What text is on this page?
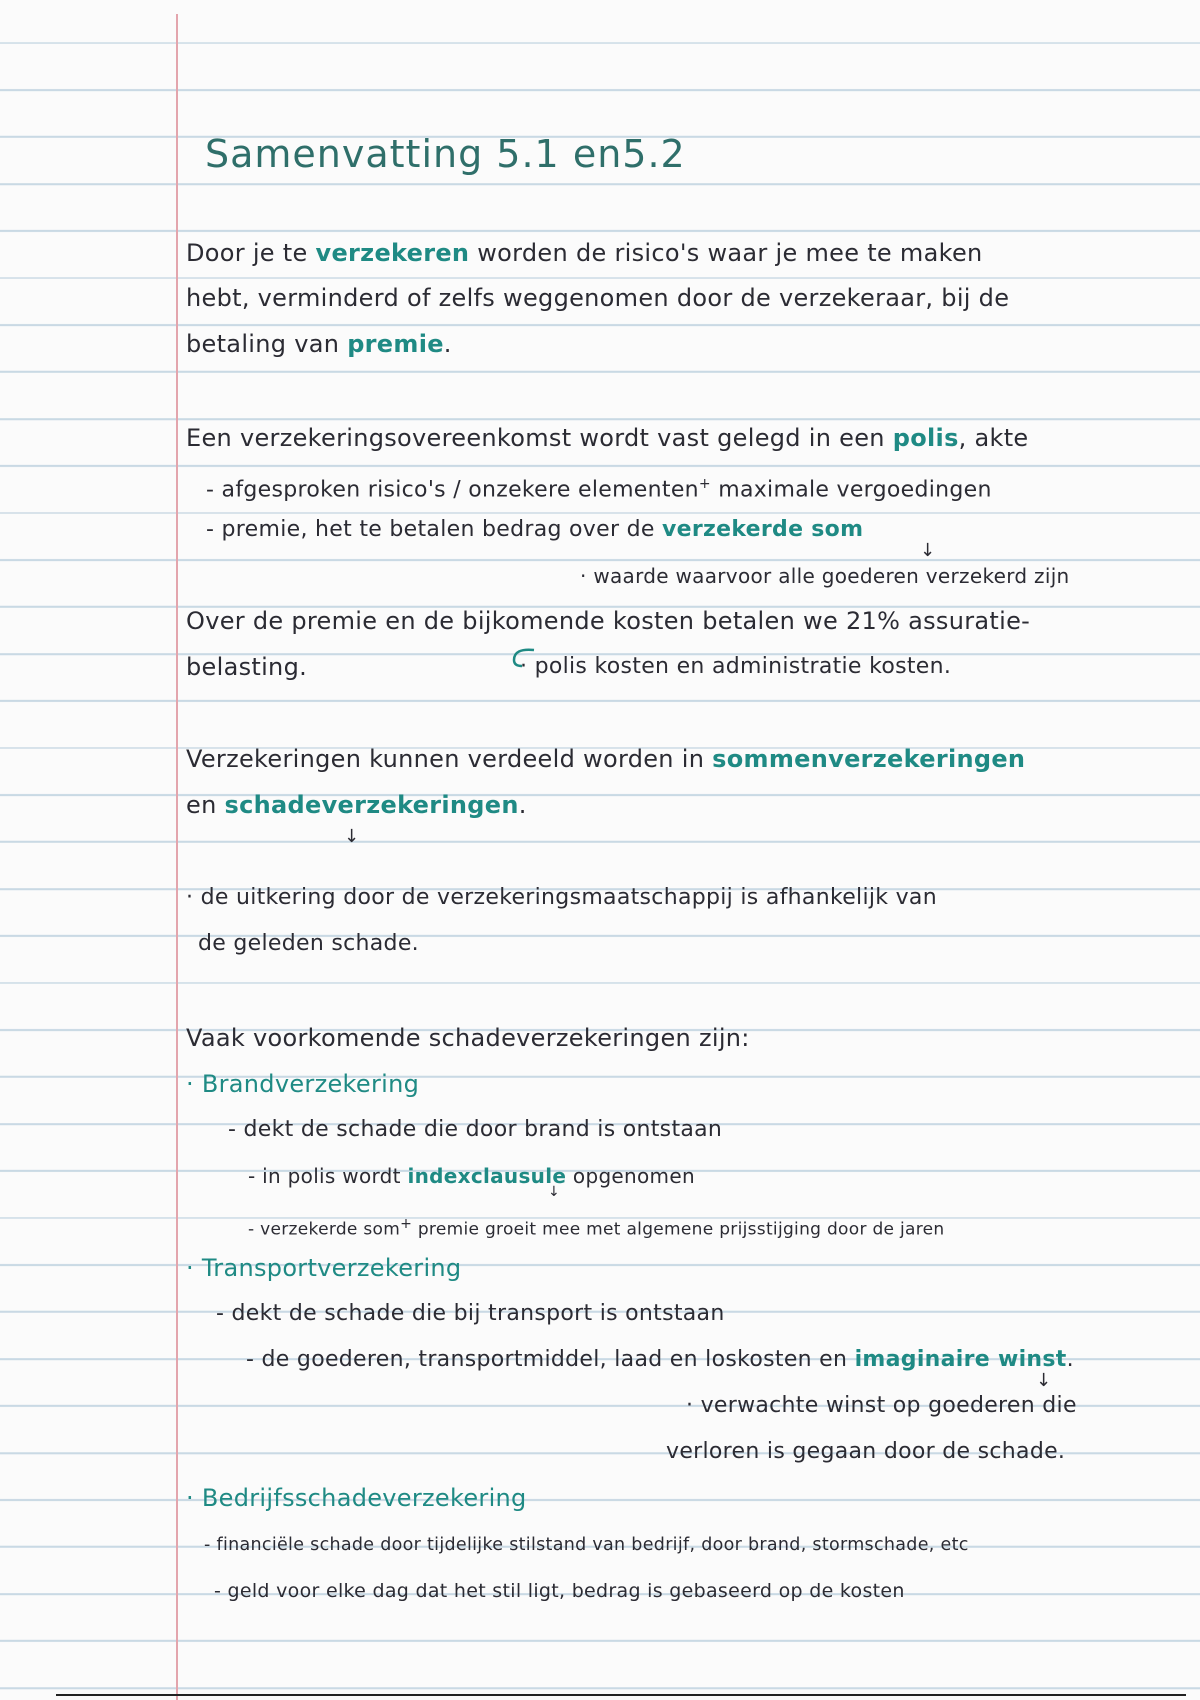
Samenvatting 5.1 en5.2
Door je te verzekeren worden de risico's waar je mee te maken
hebt, verminderd of zelfs weggenomen door de verzekeraar, bij de
betaling van premie.
Een verzekeringsovereenkomst wordt vast gelegd in een polis, akte
- afgesproken risico's / onzekere elementen+ maximale vergoedingen
- premie, het te betalen bedrag over de verzekerde som
↓
· waarde waarvoor alle goederen verzekerd zijn
Over de premie en de bijkomende kosten betalen we 21% assuratie-
belasting.	· polis kosten en administratie kosten.
Verzekeringen kunnen verdeeld worden in sommenverzekeringen
en schadeverzekeringen.
↓
· de uitkering door de verzekeringsmaatschappij is afhankelijk van
de geleden schade.
Vaak voorkomende schadeverzekeringen zijn:
· Brandverzekering
- dekt de schade die door brand is ontstaan
- in polis wordt indexclausule opgenomen
↓
- verzekerde som+ premie groeit mee met algemene prijsstijging door de jaren
· Transportverzekering
- dekt de schade die bij transport is ontstaan
- de goederen, transportmiddel, laad en loskosten en imaginaire winst.
↓
· verwachte winst op goederen die
verloren is gegaan door de schade.
· Bedrijfsschadeverzekering
- financiële schade door tijdelijke stilstand van bedrijf, door brand, stormschade, etc
- geld voor elke dag dat het stil ligt, bedrag is gebaseerd op de kosten
